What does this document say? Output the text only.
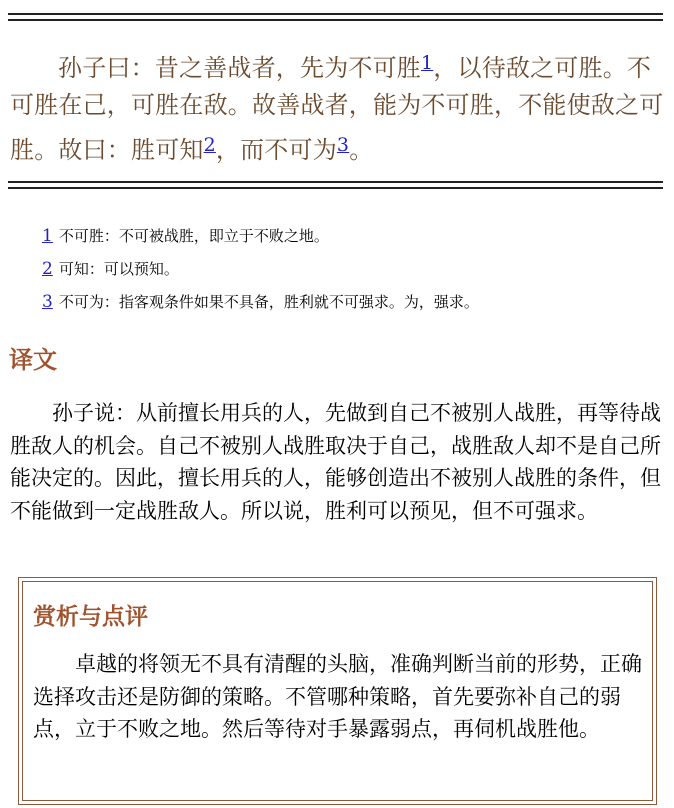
孙子曰：昔之善战者，先为不可胜$^1$，以待敌之可胜。不可胜在己，可胜在敌。故善战者，能为不可胜，不能使敌之可胜。故曰：胜可知$^2$，而不可为$^3$。

1 不可胜：不可被战胜，即立于不败之地。
2 可知：可以预知。
3 不可为：指客观条件如果不具备，胜利就不可强求。为，强求。
译文

孙子说：从前擅长用兵的人，先做到自己不被别人战胜，再等待战胜敌人的机会。自己不被别人战胜取决于自己，战胜敌人却不是自己所能决定的。因此，擅长用兵的人，能够创造出不被别人战胜的条件，但不能做到一定战胜敌人。所以说，胜利可以预见，但不可强求。

赏析与点评

卓越的将领无不具有清醒的头脑，准确判断当前的形势，正确选择攻击还是防御的策略。不管哪种策略，首先要弥补自己的弱点，立于不败之地。然后等待对手暴露弱点，再伺机战胜他。
